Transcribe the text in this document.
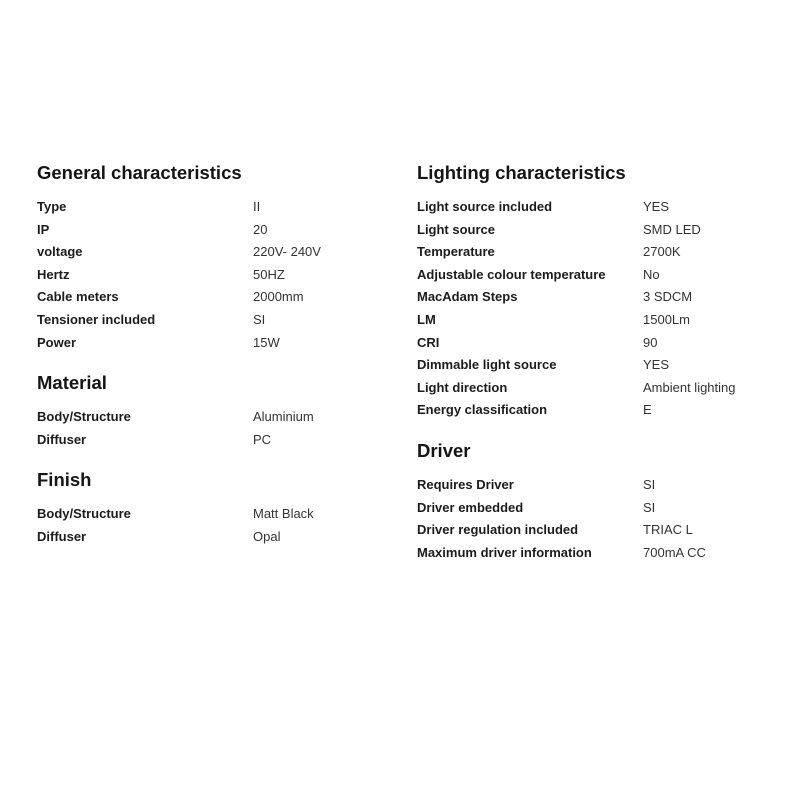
General characteristics
Type	II
IP	20
voltage	220V- 240V
Hertz	50HZ
Cable meters	2000mm
Tensioner included	SI
Power	15W
Material
Body/Structure	Aluminium
Diffuser	PC
Finish
Body/Structure	Matt Black
Diffuser	Opal
Lighting characteristics
Light source included	YES
Light source	SMD LED
Temperature	2700K
Adjustable colour temperature	No
MacAdam Steps	3 SDCM
LM	1500Lm
CRI	90
Dimmable light source	YES
Light direction	Ambient lighting
Energy classification	E
Driver
Requires Driver	SI
Driver embedded	SI
Driver regulation included	TRIAC L
Maximum driver information	700mA CC
